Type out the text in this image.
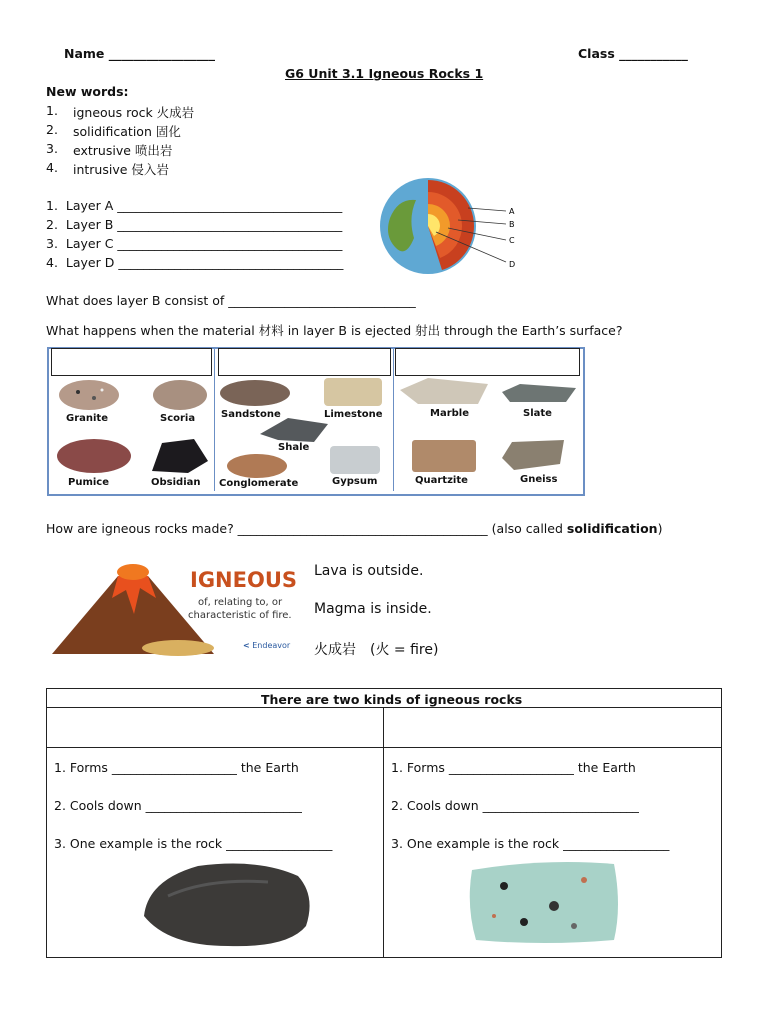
Name _________________	Class ___________
G6 Unit 3.1 Igneous Rocks 1
New words:
1. igneous rock 火成岩
2. solidification 固化
3. extrusive 喷出岩
4. intrusive 侵入岩
1. Layer A ____________________________________
2. Layer B ____________________________________
3. Layer C ____________________________________
4. Layer D ____________________________________
A
B
C
D
What does layer B consist of ______________________________
What happens when the material 材料 in layer B is ejected 射出 through the Earth’s surface?
Granite	Scoria
Pumice	Obsidian
Sandstone	Limestone
Shale
Conglomerate	Gypsum
Marble	Slate
Quartzite	Gneiss
How are igneous rocks made? ________________________________________ (also called solidification)
IGNEOUS
of, relating to, or
characteristic of fire.
< Endeavor
Lava is outside.
Magma is inside.
火成岩　(火 = fire)
There are two kinds of igneous rocks
1. Forms ____________________ the Earth
2. Cools down _________________________
3. One example is the rock _________________
1. Forms ____________________ the Earth
2. Cools down _________________________
3. One example is the rock _________________
